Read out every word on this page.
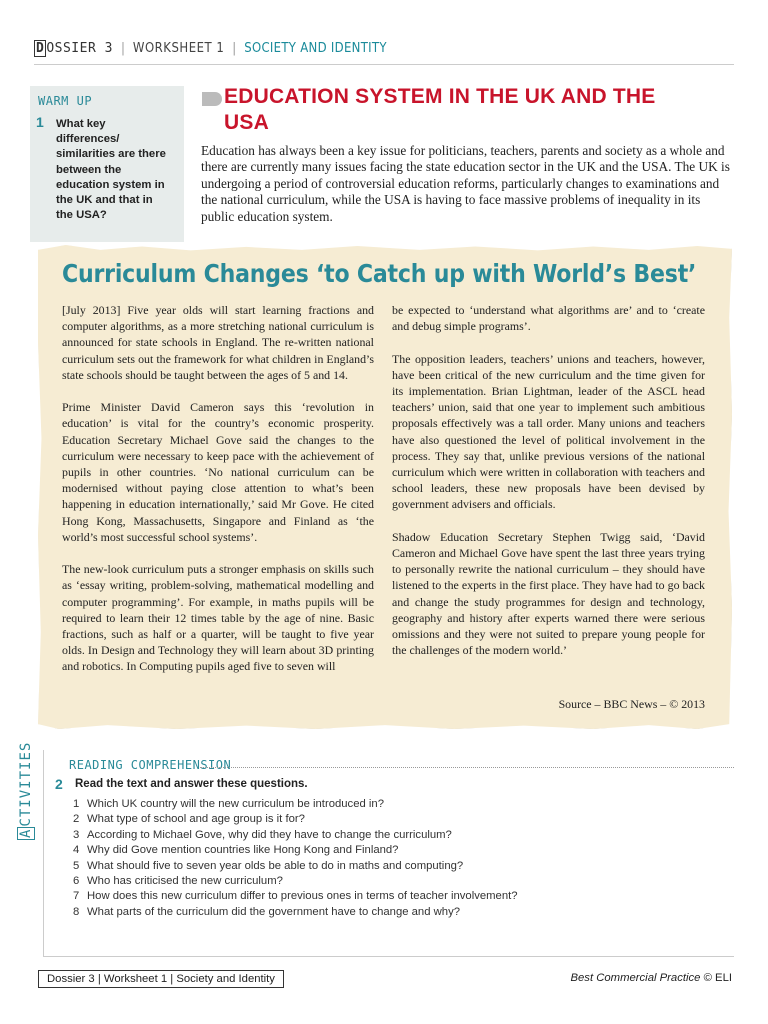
D OSSIER 3 | WORKSHEET 1 | SOCIETY AND IDENTITY
WARM UP
1 What key differences/ similarities are there between the education system in the UK and that in the USA?
EDUCATION SYSTEM IN THE UK AND THE USA
Education has always been a key issue for politicians, teachers, parents and society as a whole and there are currently many issues facing the state education sector in the UK and the USA. The UK is undergoing a period of controversial education reforms, particularly changes to examinations and the national curriculum, while the USA is having to face massive problems of inequality in its public education system.
Curriculum Changes ‘to Catch up with World’s Best’

[July 2013] Five year olds will start learning fractions and computer algorithms, as a more stretching national curriculum is announced for state schools in England. The re-written national curriculum sets out the framework for what children in England’s state schools should be taught between the ages of 5 and 14.

Prime Minister David Cameron says this ‘revolution in education’ is vital for the country’s economic prosperity. Education Secretary Michael Gove said the changes to the curriculum were necessary to keep pace with the achievement of pupils in other countries. ‘No national curriculum can be modernised without paying close attention to what’s been happening in education internationally,’ said Mr Gove. He cited Hong Kong, Massachusetts, Singapore and Finland as ‘the world’s most successful school systems’.

The new-look curriculum puts a stronger emphasis on skills such as ‘essay writing, problem-solving, mathematical modelling and computer programming’. For example, in maths pupils will be required to learn their 12 times table by the age of nine. Basic fractions, such as half or a quarter, will be taught to five year olds. In Design and Technology they will learn about 3D printing and robotics. In Computing pupils aged five to seven will

be expected to ‘understand what algorithms are’ and to ‘create and debug simple programs’.

The opposition leaders, teachers’ unions and teachers, however, have been critical of the new curriculum and the time given for its implementation. Brian Lightman, leader of the ASCL head teachers’ union, said that one year to implement such ambitious proposals effectively was a tall order. Many unions and teachers have also questioned the level of political involvement in the process. They say that, unlike previous versions of the national curriculum which were written in collaboration with teachers and school leaders, these new proposals have been devised by government advisers and officials.

Shadow Education Secretary Stephen Twigg said, ‘David Cameron and Michael Gove have spent the last three years trying to personally rewrite the national curriculum – they should have listened to the experts in the first place. They have had to go back and change the study programmes for design and technology, geography and history after experts warned there were serious omissions and they were not suited to prepare young people for the challenges of the modern world.’

Source – BBC News – © 2013
ACTIVITIES	READING COMPREHENSION
2 Read the text and answer these questions.
1 Which UK country will the new curriculum be introduced in?
2 What type of school and age group is it for?
3 According to Michael Gove, why did they have to change the curriculum?
4 Why did Gove mention countries like Hong Kong and Finland?
5 What should five to seven year olds be able to do in maths and computing?
6 Who has criticised the new curriculum?
7 How does this new curriculum differ to previous ones in terms of teacher involvement?
8 What parts of the curriculum did the government have to change and why?
Dossier 3 | Worksheet 1 | Society and Identity	Best Commercial Practice © ELI
